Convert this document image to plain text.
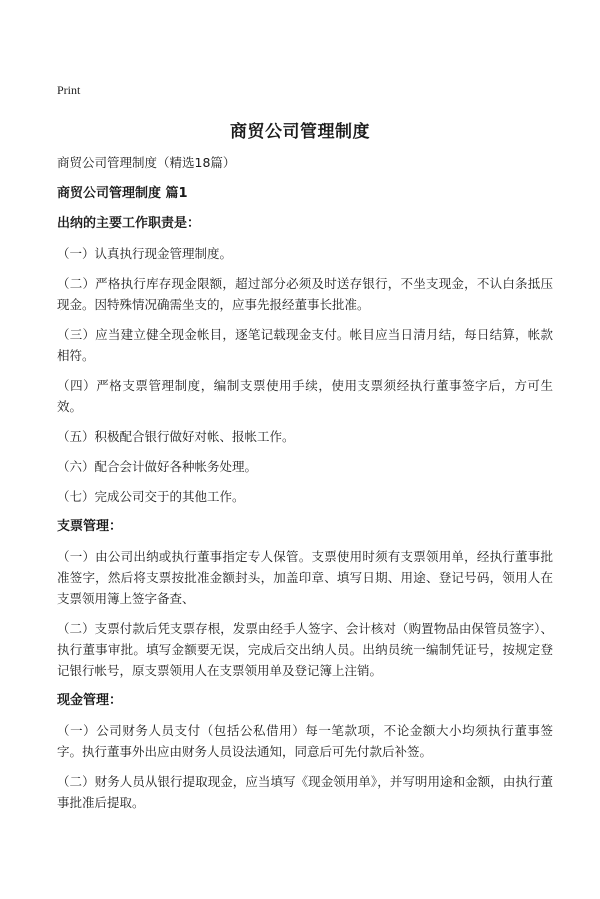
Print
商贸公司管理制度

商贸公司管理制度（精选18篇）

商贸公司管理制度 篇1

出纳的主要工作职责是：

（一）认真执行现金管理制度。

（二）严格执行库存现金限额，超过部分必须及时送存银行，不坐支现金，不认白条抵压现金。因特殊情况确需坐支的，应事先报经董事长批准。

（三）应当建立健全现金帐目，逐笔记载现金支付。帐目应当日清月结，每日结算，帐款相符。

（四）严格支票管理制度，编制支票使用手续，使用支票须经执行董事签字后，方可生效。

（五）积极配合银行做好对帐、报帐工作。

（六）配合会计做好各种帐务处理。

（七）完成公司交于的其他工作。

支票管理：

（一）由公司出纳或执行董事指定专人保管。支票使用时须有支票领用单，经执行董事批准签字，然后将支票按批准金额封头，加盖印章、填写日期、用途、登记号码，领用人在支票领用簿上签字备查、

（二）支票付款后凭支票存根，发票由经手人签字、会计核对（购置物品由保管员签字）、执行董事审批。填写金额要无误，完成后交出纳人员。出纳员统一编制凭证号，按规定登记银行帐号，原支票领用人在支票领用单及登记簿上注销。

现金管理：

（一）公司财务人员支付（包括公私借用）每一笔款项，不论金额大小均须执行董事签字。执行董事外出应由财务人员设法通知，同意后可先付款后补签。

（二）财务人员从银行提取现金，应当填写《现金领用单》，并写明用途和金额，由执行董事批准后提取。
